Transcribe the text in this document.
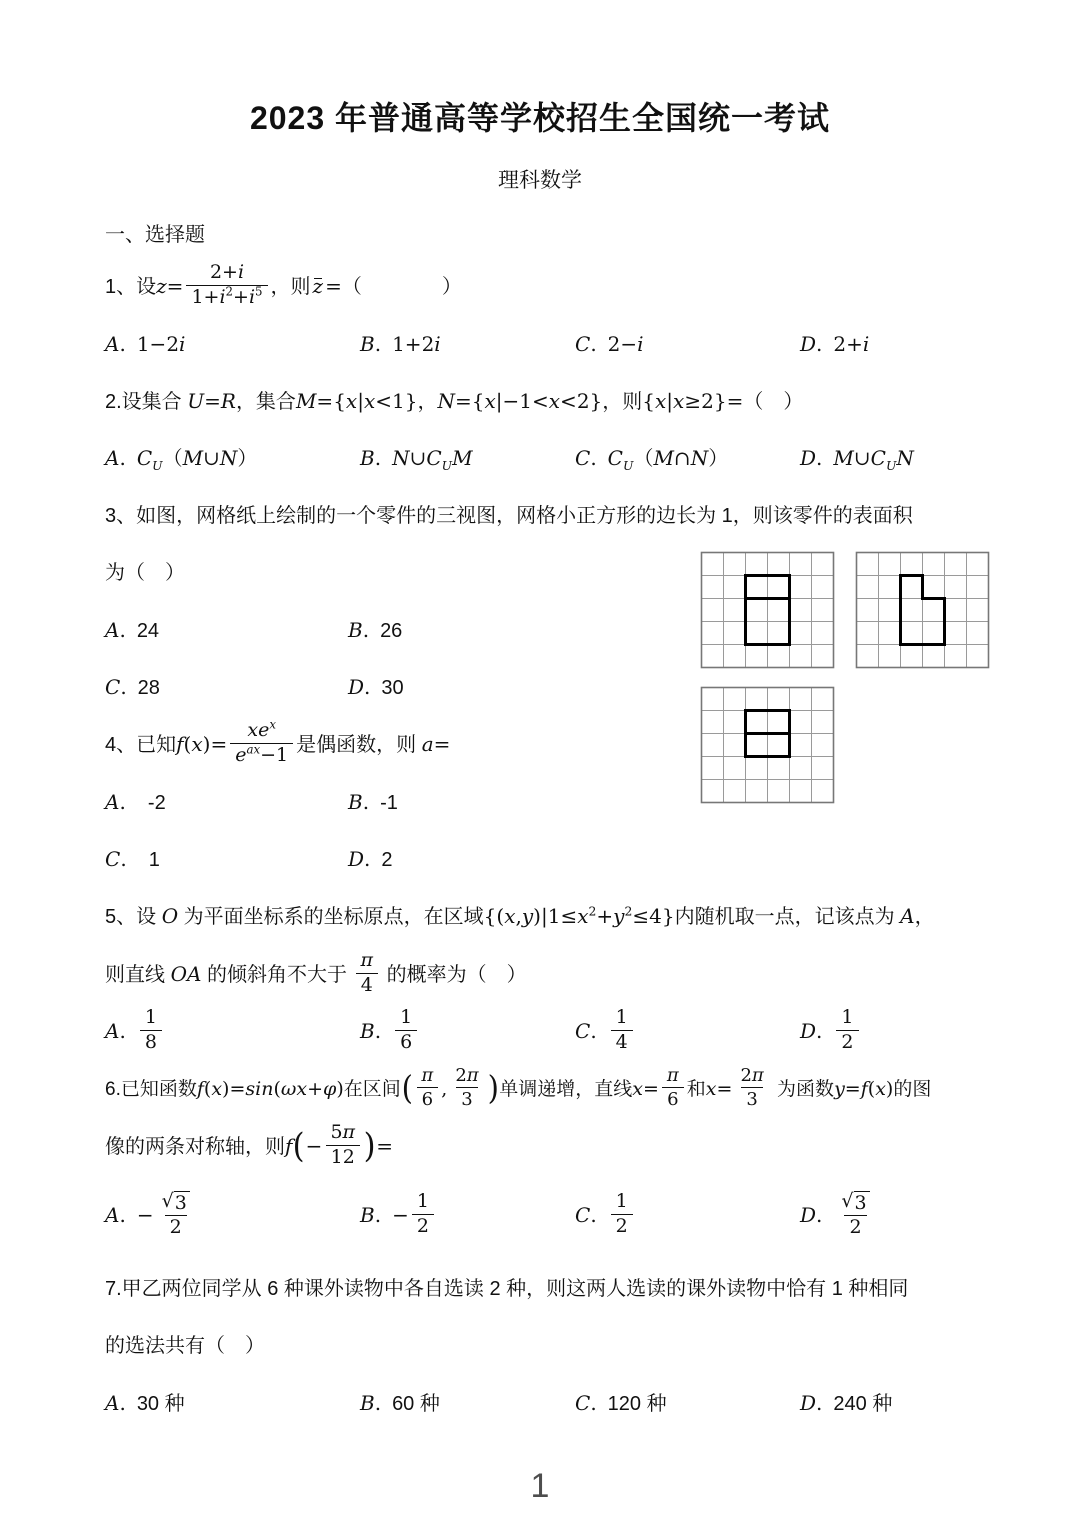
2023 年普通高等学校招生全国统一考试
理科数学
一、选择题
1、设$z= \frac{2+i}{1+i^2+i^5}$ ，则 z =（　　　　）
A. 1−2i	B. 1+2i	C. 2−i	D. 2+i
2.设集合 U=R，集合M={x|x<1}，N={x|−1<x<2}，则{x|x≥2}=（　）
A. $C_U(M\cup N)$	B. $N\cup C_UM$	C. $C_U(M\cap N)$	D. $M\cup C_UN$
3、如图，网格纸上绘制的一个零件的三视图，网格小正方形的边长为 1，则该零件的表面积
为（　）
A. 24	B. 26
C. 28	D. 30
4、已知$f(x)= \frac{xe^x}{e^{ax}-1}$ 是偶函数，则 a=
A.  -2	B. -1
C.  1	D. 2
5、设 O 为平面坐标系的坐标原点，在区域$\{(x,y)|1\le x^2+y^2\le 4\}$内随机取一点，记该点为 A，
则直线 OA 的倾斜角不大于 $\frac{\pi}{4}$ 的概率为（　）
A. $\frac{1}{8}$	B. $\frac{1}{6}$	C. $\frac{1}{4}$	D. $\frac{1}{2}$
6.已知函数f(x)=sin(ωx+φ)在区间( $\frac{\pi}{6}$ , $\frac{2\pi}{3}$ )单调递增，直线$x= \frac{\pi}{6}$ 和$x= \frac{2\pi}{3}$ 为函数y=f(x)的图
像的两条对称轴，则$f(- \frac{5\pi}{12}$ )=
A. − $\frac{√ 3}{2}$	B. − $\frac{1}{2}$	C. $\frac{1}{2}$	D. $\frac{√ 3}{2}$
7.甲乙两位同学从 6 种课外读物中各自选读 2 种，则这两人选读的课外读物中恰有 1 种相同
的选法共有（　）
A. 30 种	B. 60 种	C. 120 种	D. 240 种
1
